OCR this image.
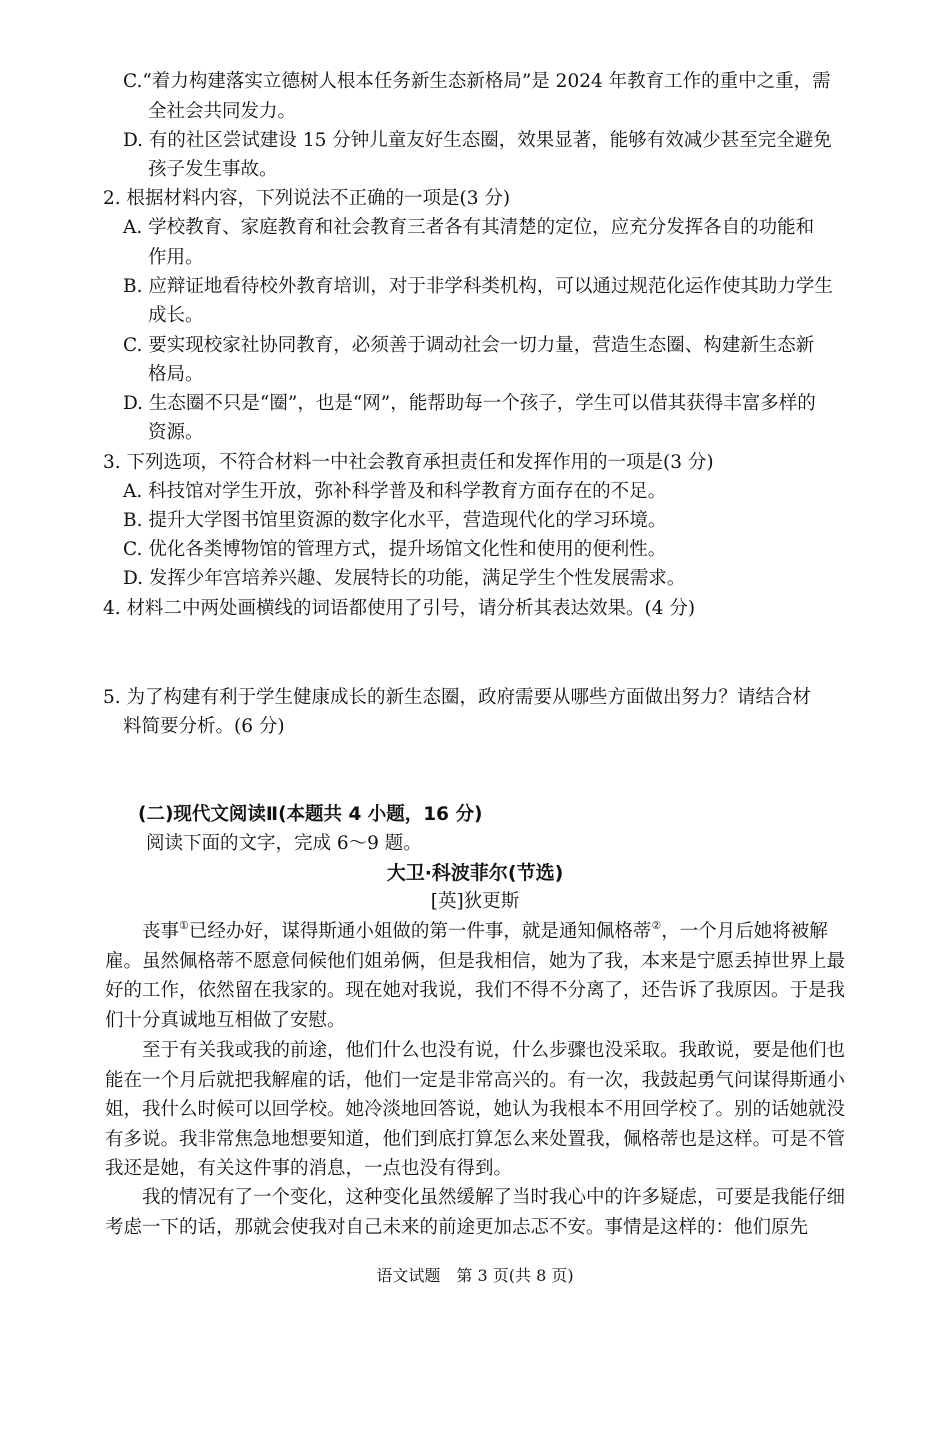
C.“着力构建落实立德树人根本任务新生态新格局”是 2024 年教育工作的重中之重，需
全社会共同发力。
D. 有的社区尝试建设 15 分钟儿童友好生态圈，效果显著，能够有效减少甚至完全避免
孩子发生事故。
2. 根据材料内容，下列说法不正确的一项是(3 分)
A. 学校教育、家庭教育和社会教育三者各有其清楚的定位，应充分发挥各自的功能和
作用。
B. 应辩证地看待校外教育培训，对于非学科类机构，可以通过规范化运作使其助力学生
成长。
C. 要实现校家社协同教育，必须善于调动社会一切力量，营造生态圈、构建新生态新
格局。
D. 生态圈不只是“圈”，也是“网”，能帮助每一个孩子，学生可以借其获得丰富多样的
资源。
3. 下列选项，不符合材料一中社会教育承担责任和发挥作用的一项是(3 分)
A. 科技馆对学生开放，弥补科学普及和科学教育方面存在的不足。
B. 提升大学图书馆里资源的数字化水平，营造现代化的学习环境。
C. 优化各类博物馆的管理方式，提升场馆文化性和使用的便利性。
D. 发挥少年宫培养兴趣、发展特长的功能，满足学生个性发展需求。
4. 材料二中两处画横线的词语都使用了引号，请分析其表达效果。(4 分)
5. 为了构建有利于学生健康成长的新生态圈，政府需要从哪些方面做出努力？请结合材
料简要分析。(6 分)
(二)现代文阅读Ⅱ(本题共 4 小题，16 分)
阅读下面的文字，完成 6～9 题。
大卫·科波菲尔(节选)
[英]狄更斯
丧事①已经办好，谋得斯通小姐做的第一件事，就是通知佩格蒂②，一个月后她将被解雇。虽然佩格蒂不愿意伺候他们姐弟俩，但是我相信，她为了我，本来是宁愿丢掉世界上最好的工作，依然留在我家的。现在她对我说，我们不得不分离了，还告诉了我原因。于是我们十分真诚地互相做了安慰。
至于有关我或我的前途，他们什么也没有说，什么步骤也没采取。我敢说，要是他们也能在一个月后就把我解雇的话，他们一定是非常高兴的。有一次，我鼓起勇气问谋得斯通小姐，我什么时候可以回学校。她冷淡地回答说，她认为我根本不用回学校了。别的话她就没有多说。我非常焦急地想要知道，他们到底打算怎么来处置我，佩格蒂也是这样。可是不管我还是她，有关这件事的消息，一点也没有得到。
我的情况有了一个变化，这种变化虽然缓解了当时我心中的许多疑虑，可要是我能仔细考虑一下的话，那就会使我对自己未来的前途更加忐忑不安。事情是这样的：他们原先
语文试题　第 3 页(共 8 页)
